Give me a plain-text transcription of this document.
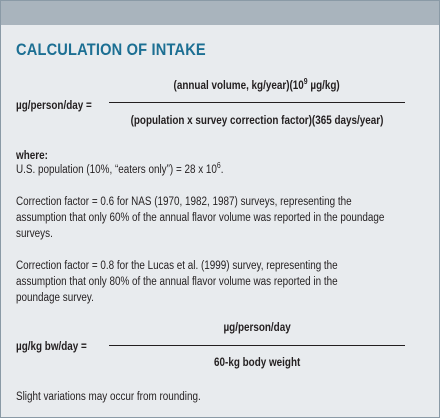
CALCULATION OF INTAKE
µg/person/day =
(annual volume, $kg/year)(10^9$ µg/kg)
(population x survey correction factor)(365 days/year)
where:
U.S. population (10%, “eaters only”) = 28 x $10^6$.
Correction factor = 0.6 for NAS (1970, 1982, 1987) surveys, representing the assumption that only 60% of the annual flavor volume was reported in the poundage surveys.
Correction factor = 0.8 for the Lucas et al. (1999) survey, representing the assumption that only 80% of the annual flavor volume was reported in the poundage survey.
µg/kg bw/day =
µg/person/day
60-kg body weight
Slight variations may occur from rounding.
